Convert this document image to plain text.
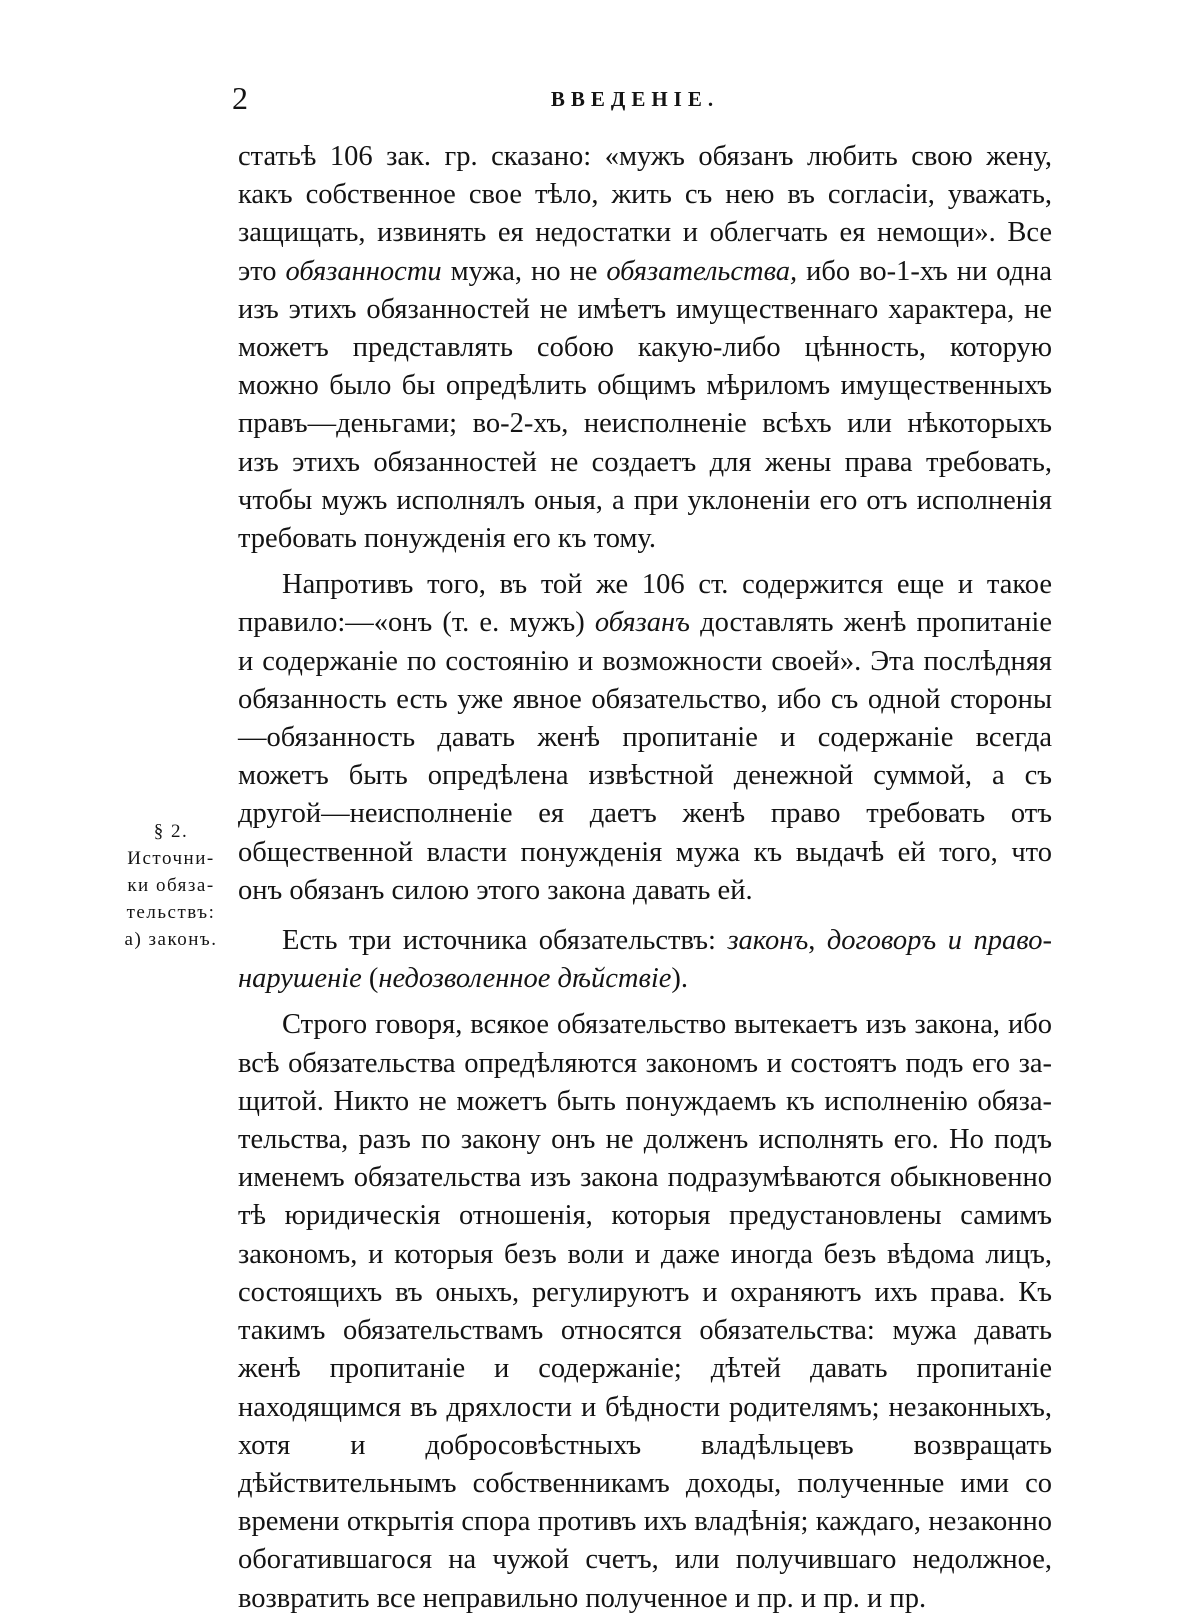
2	ВВЕДЕНІЕ.
§ 2.
Источни-
ки обяза-
тельствъ:
а) законъ.

статьѣ 106 зак. гр. сказано: «мужъ обязанъ любить свою жену, какъ собственное свое тѣло, жить съ нею въ согласіи, уважать, защищать, извинять ея недостатки и облегчать ея немощи». Все это обязанности мужа, но не обязательства, ибо во-1-хъ ни одна изъ этихъ обязанностей не имѣетъ имущественнаго характера, не можетъ представлять собою какую-либо цѣнность, которую можно было бы опредѣлить общимъ мѣриломъ имущественныхъ правъ—деньгами; во-2-хъ, неисполненіе всѣхъ или нѣкоторыхъ изъ этихъ обязанностей не создаетъ для жены права требовать, чтобы мужъ исполнялъ оныя, а при уклоненіи его отъ исполненія требовать понужденія его къ тому.

Напротивъ того, въ той же 106 ст. содержится еще и такое правило:—«онъ (т. е. мужъ) обязанъ доставлять женѣ пропитаніе и содержаніе по состоянію и возможности своей». Эта послѣдняя обязанность есть уже явное обязательство, ибо съ одной стороны—обязанность давать женѣ пропитаніе и содержаніе всегда можетъ быть опредѣлена извѣстной денежной суммой, а съ другой—неисполненіе ея даетъ женѣ право требовать отъ общественной власти понужденія мужа къ выдачѣ ей того, что онъ обязанъ силою этого закона давать ей.

Есть три источника обязательствъ: законъ, договоръ и правонарушеніе (недозволенное дѣйствіе).

Строго говоря, всякое обязательство вытекаетъ изъ закона, ибо всѣ обязательства опредѣляются закономъ и состоятъ подъ его защитой. Никто не можетъ быть понуждаемъ къ исполненію обязательства, разъ по закону онъ не долженъ исполнять его. Но подъ именемъ обязательства изъ закона подразумѣваются обыкновенно тѣ юридическія отношенія, которыя предустановлены самимъ закономъ, и которыя безъ воли и даже иногда безъ вѣдома лицъ, состоящихъ въ оныхъ, регулируютъ и охраняютъ ихъ права. Къ такимъ обязательствамъ относятся обязательства: мужа давать женѣ пропитаніе и содержаніе; дѣтей давать пропитаніе находящимся въ дряхлости и бѣдности родителямъ; незаконныхъ, хотя и добросовѣстныхъ владѣльцевъ возвращать дѣйствительнымъ собственникамъ доходы, полученные ими со времени открытія спора противъ ихъ владѣнія; каждаго, незаконно обогатившагося на чужой счетъ, или получившаго недолжное, возвратить все неправильно полученное и пр. и пр. и пр.
